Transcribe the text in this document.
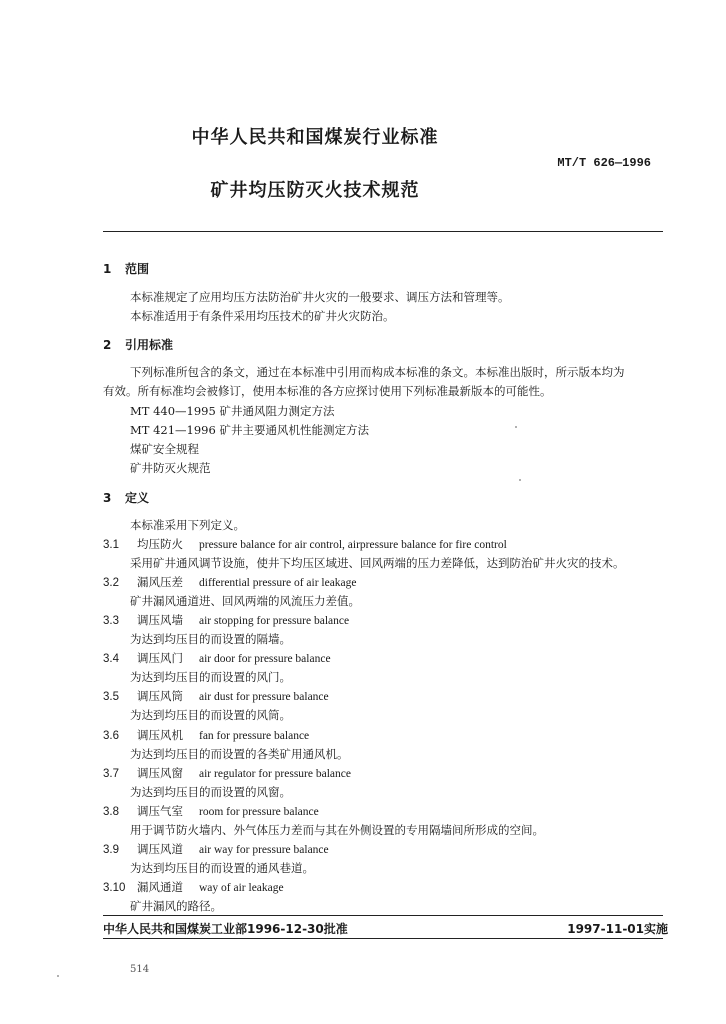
中华人民共和国煤炭行业标准
MT/T 626—1996
矿井均压防灭火技术规范
1 范围
本标准规定了应用均压方法防治矿井火灾的一般要求、调压方法和管理等。
本标准适用于有条件采用均压技术的矿井火灾防治。
2 引用标准
下列标准所包含的条文，通过在本标准中引用而构成本标准的条文。本标准出版时，所示版本均为
有效。所有标准均会被修订，使用本标准的各方应探讨使用下列标准最新版本的可能性。
MT 440—1995 矿井通风阻力测定方法
MT 421—1996 矿井主要通风机性能测定方法
煤矿安全规程
矿井防灭火规范
3 定义
本标准采用下列定义。
3.1 均压防火 pressure balance for air control, airpressure balance for fire control
采用矿井通风调节设施，使井下均压区域进、回风两端的压力差降低，达到防治矿井火灾的技术。
3.2 漏风压差 differential pressure of air leakage
矿井漏风通道进、回风两端的风流压力差值。
3.3 调压风墙 air stopping for pressure balance
为达到均压目的而设置的隔墙。
3.4 调压风门 air door for pressure balance
为达到均压目的而设置的风门。
3.5 调压风筒 air dust for pressure balance
为达到均压目的而设置的风筒。
3.6 调压风机 fan for pressure balance
为达到均压目的而设置的各类矿用通风机。
3.7 调压风窗 air regulator for pressure balance
为达到均压目的而设置的风窗。
3.8 调压气室 room for pressure balance
用于调节防火墙内、外气体压力差而与其在外侧设置的专用隔墙间所形成的空间。
3.9 调压风道 air way for pressure balance
为达到均压目的而设置的通风巷道。
3.10 漏风通道 way of air leakage
矿井漏风的路径。
中华人民共和国煤炭工业部1996-12-30批准	1997-11-01实施
514
